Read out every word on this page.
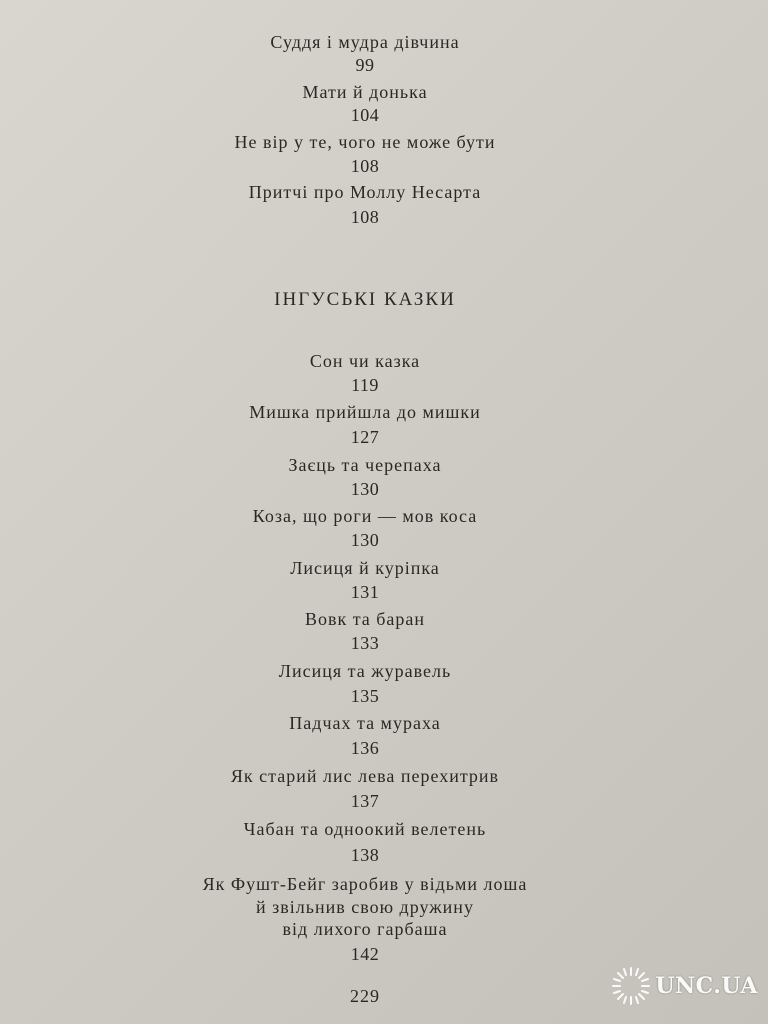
Суддя і мудра дівчина
99
Мати й донька
104
Не вір у те, чого не може бути
108
Притчі про Моллу Несарта
108
ІНГУСЬКІ КАЗКИ
Сон чи казка
119
Мишка прийшла до мишки
127
Заєць та черепаха
130
Коза, що роги — мов коса
130
Лисиця й куріпка
131
Вовк та баран
133
Лисиця та журавель
135
Падчах та мураха
136
Як старий лис лева перехитрив
137
Чабан та одноокий велетень
138
Як Фушт-Бейг заробив у відьми лоша
й звільнив свою дружину
від лихого гарбаша
142
229	UNC.UA
